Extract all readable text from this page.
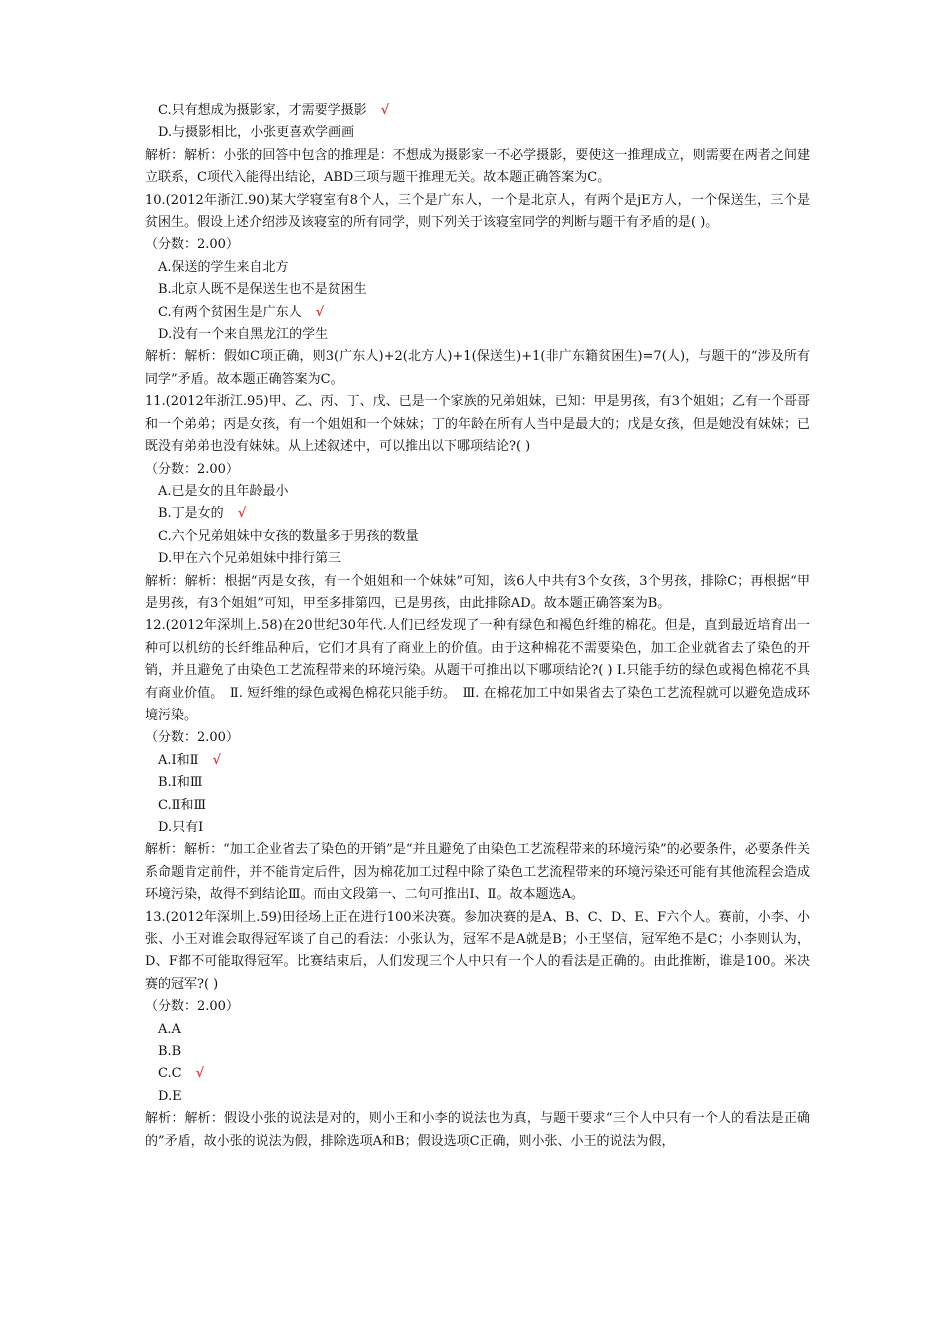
C.只有想成为摄影家，才需要学摄影 √
D.与摄影相比，小张更喜欢学画画
解析：解析：小张的回答中包含的推理是：不想成为摄影家一不必学摄影，要使这一推理成立，则需要在两者之间建立联系，C项代入能得出结论，ABD三项与题干推理无关。故本题正确答案为C。
10.(2012年浙江.90)某大学寝室有8个人，三个是广东人，一个是北京人，有两个是jE方人，一个保送生，三个是贫困生。假设上述介绍涉及该寝室的所有同学，则下列关于该寝室同学的判断与题干有矛盾的是( )。
（分数：2.00）
A.保送的学生来自北方
B.北京人既不是保送生也不是贫困生
C.有两个贫困生是广东人 √
D.没有一个来自黑龙江的学生
解析：解析：假如C项正确，则3(广东人)+2(北方人)+1(保送生)+1(非广东籍贫困生)=7(人)，与题干的“涉及所有同学”矛盾。故本题正确答案为C。
11.(2012年浙江.95)甲、乙、丙、丁、戊、已是一个家族的兄弟姐妹，已知：甲是男孩，有3个姐姐；乙有一个哥哥和一个弟弟；丙是女孩，有一个姐姐和一个妹妹；丁的年龄在所有人当中是最大的；戊是女孩，但是她没有妹妹；已既没有弟弟也没有妹妹。从上述叙述中，可以推出以下哪项结论?( )
（分数：2.00）
A.已是女的且年龄最小
B.丁是女的 √
C.六个兄弟姐妹中女孩的数量多于男孩的数量
D.甲在六个兄弟姐妹中排行第三
解析：解析：根据“丙是女孩，有一个姐姐和一个妹妹”可知，该6人中共有3个女孩，3个男孩，排除C；再根据“甲是男孩，有3个姐姐”可知，甲至多排第四，已是男孩，由此排除AD。故本题正确答案为B。
12.(2012年深圳上.58)在20世纪30年代.人们已经发现了一种有绿色和褐色纤维的棉花。但是，直到最近培育出一种可以机纺的长纤维品种后，它们才具有了商业上的价值。由于这种棉花不需要染色，加工企业就省去了染色的开销，并且避免了由染色工艺流程带来的环境污染。从题干可推出以下哪项结论?( ) Ⅰ.只能手纺的绿色或褐色棉花不具有商业价值。　Ⅱ. 短纤维的绿色或褐色棉花只能手纺。　Ⅲ. 在棉花加工中如果省去了染色工艺流程就可以避免造成环境污染。
（分数：2.00）
A.Ⅰ和Ⅱ √
B.Ⅰ和Ⅲ
C.Ⅱ和Ⅲ
D.只有Ⅰ
解析：解析：“加工企业省去了染色的开销”是“并且避免了由染色工艺流程带来的环境污染”的必要条件，必要条件关系命题肯定前件，并不能肯定后件，因为棉花加工过程中除了染色工艺流程带来的环境污染还可能有其他流程会造成环境污染，故得不到结论Ⅲ。而由文段第一、二句可推出Ⅰ、Ⅱ。故本题选A。
13.(2012年深圳上.59)田径场上正在进行100米决赛。参加决赛的是A、B、C、D、E、F六个人。赛前，小李、小张、小王对谁会取得冠军谈了自己的看法：小张认为，冠军不是A就是B；小王坚信，冠军绝不是C；小李则认为，D、F都不可能取得冠军。比赛结束后，人们发现三个人中只有一个人的看法是正确的。由此推断，谁是100。米决赛的冠军?( )
（分数：2.00）
A.A
B.B
C.C √
D.E
解析：解析：假设小张的说法是对的，则小王和小李的说法也为真，与题干要求“三个人中只有一个人的看法是正确的”矛盾，故小张的说法为假，排除选项A和B；假设选项C正确，则小张、小王的说法为假，
